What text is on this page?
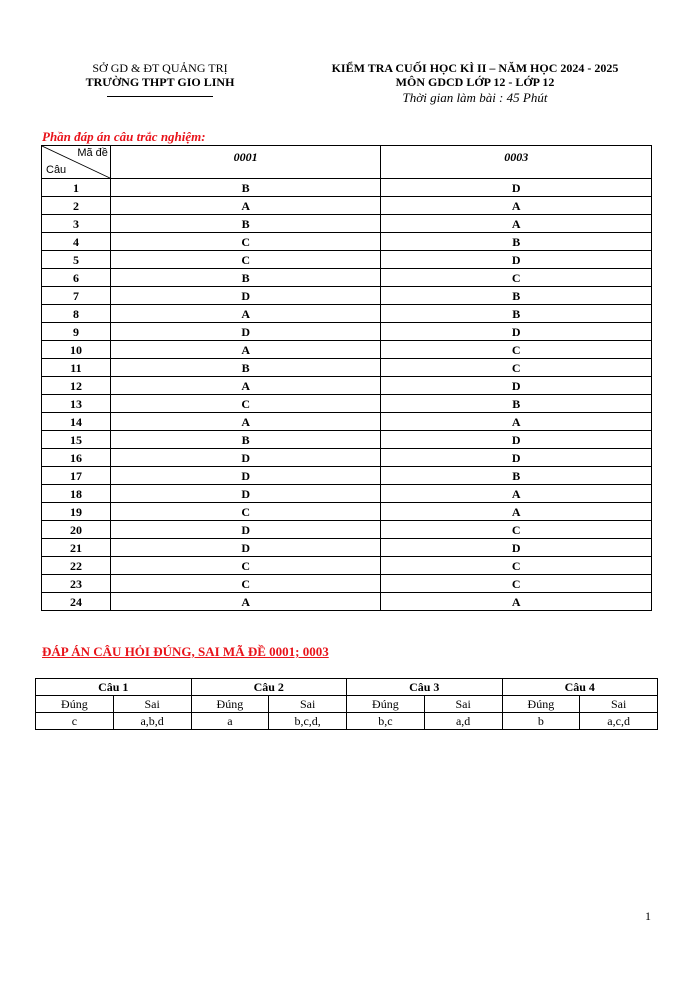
SỞ GD & ĐT QUẢNG TRỊ
TRƯỜNG THPT GIO LINH
KIỂM TRA CUỐI HỌC KÌ II – NĂM HỌC 2024 - 2025
MÔN GDCD LỚP 12 - LỚP 12
Thời gian làm bài : 45 Phút
Phần đáp án câu trắc nghiệm:
Mã đề
Câu	0001	0003
1	B	D
2	A	A
3	B	A
4	C	B
5	C	D
6	B	C
7	D	B
8	A	B
9	D	D
10	A	C
11	B	C
12	A	D
13	C	B
14	A	A
15	B	D
16	D	D
17	D	B
18	D	A
19	C	A
20	D	C
21	D	D
22	C	C
23	C	C
24	A	A
ĐÁP ÁN CÂU HỎI ĐÚNG, SAI MÃ ĐỀ 0001; 0003
Câu 1		Câu 2		Câu 3		Câu 4	
Đúng	Sai	Đúng	Sai	Đúng	Sai	Đúng	Sai
c	a,b,d	a	b,c,d,	b,c	a,d	b	a,c,d
1
